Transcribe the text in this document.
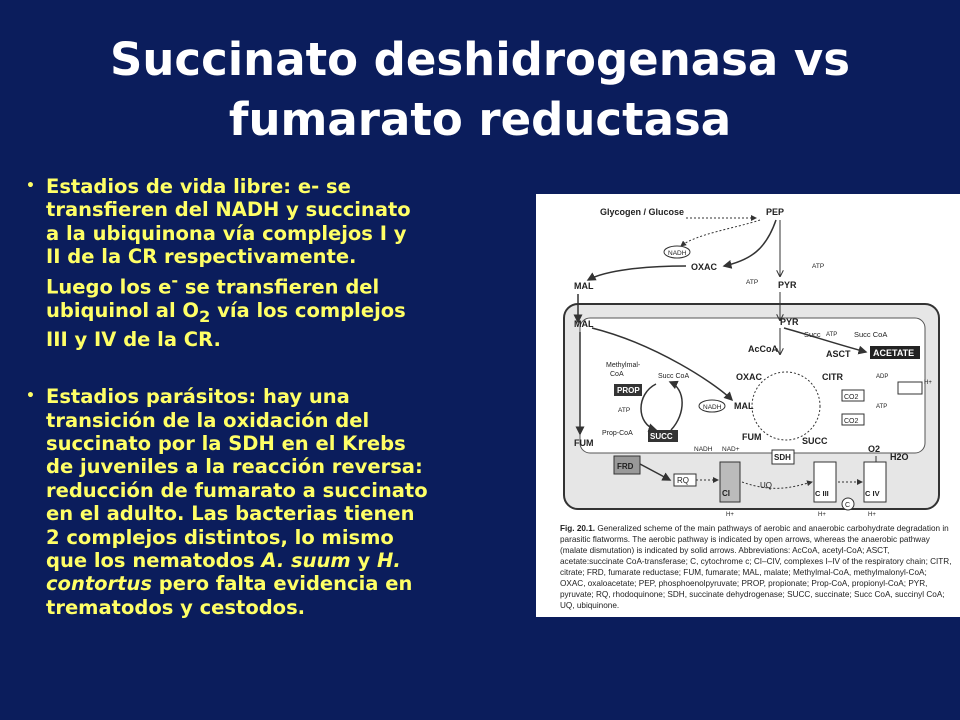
Succinato deshidrogenasa vs
fumarato reductasa
• Estadios de vida libre: e- se
transfieren del NADH y succinato
a la ubiquinona vía complejos I y
II de la CR respectivamente.
Luego los e- se transfieren del
ubiquinol al $O_2$ vía los complejos
III y IV de la CR.
• Estadios parásitos: hay una
transición de la oxidación del
succinato por la SDH en el Krebs
de juveniles a la reacción reversa:
reducción de fumarato a succinato
en el adulto. Las bacterias tienen
2 complejos distintos, lo mismo
que los nematodos A. suum y H.
contortus pero falta evidencia en
trematodos y cestodos.
Glycogen / Glucose	PEP
NADH
OXAC
ATP
ATP
PYR
MAL
MAL	PYR
Succ ATP Succ CoA
AcCoA	ASCT	ACETATE
Methylmal-
CoA	Succ CoA
PROP
ATP
Prop-CoA SUCC
CITR
OXAC
NADH MAL
FUM	SUCC
CO2
CO2
ADP
ATP
H+
FUM
NADH NAD+	O2
H2O
FRD
RQ
CI
SDH
UQ
C III
C
C IV
H+	H+	H+
Fig. 20.1. Generalized scheme of the main pathways of aerobic and anaerobic carbohydrate degradation in parasitic flatworms. The aerobic pathway is indicated by open arrows, whereas the anaerobic pathway (malate dismutation) is indicated by solid arrows. Abbreviations: AcCoA, acetyl-CoA; ASCT, acetate:succinate CoA-transferase; C, cytochrome c; CI–CIV, complexes I–IV of the respiratory chain; CITR, citrate; FRD, fumarate reductase; FUM, fumarate; MAL, malate; Methylmal-CoA, methylmalonyl-CoA; OXAC, oxaloacetate; PEP, phosphoenolpyruvate; PROP, propionate; Prop-CoA, propionyl-CoA; PYR, pyruvate; RQ, rhodoquinone; SDH, succinate dehydrogenase; SUCC, succinate; Succ CoA, succinyl CoA; UQ, ubiquinone.
